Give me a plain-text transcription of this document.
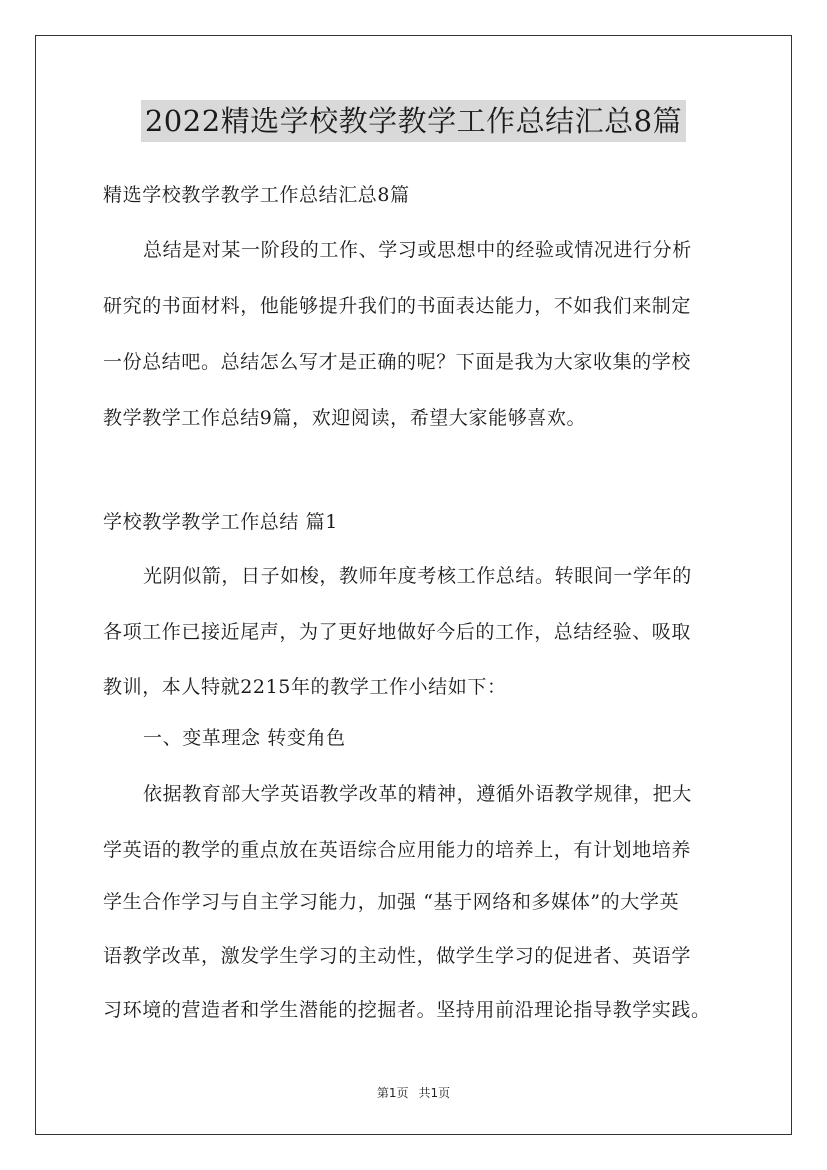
2022精选学校教学教学工作总结汇总8篇
精选学校教学教学工作总结汇总8篇
总结是对某一阶段的工作、学习或思想中的经验或情况进行分析
研究的书面材料，他能够提升我们的书面表达能力，不如我们来制定
一份总结吧。总结怎么写才是正确的呢？下面是我为大家收集的学校
教学教学工作总结9篇，欢迎阅读，希望大家能够喜欢。
学校教学教学工作总结 篇1
光阴似箭，日子如梭，教师年度考核工作总结。转眼间一学年的
各项工作已接近尾声，为了更好地做好今后的工作，总结经验、吸取
教训，本人特就2215年的教学工作小结如下：
一、变革理念 转变角色
依据教育部大学英语教学改革的精神，遵循外语教学规律，把大
学英语的教学的重点放在英语综合应用能力的培养上，有计划地培养
学生合作学习与自主学习能力，加强 “基于网络和多媒体”的大学英
语教学改革，激发学生学习的主动性，做学生学习的促进者、英语学
习环境的营造者和学生潜能的挖掘者。坚持用前沿理论指导教学实践。
第1页 共1页
